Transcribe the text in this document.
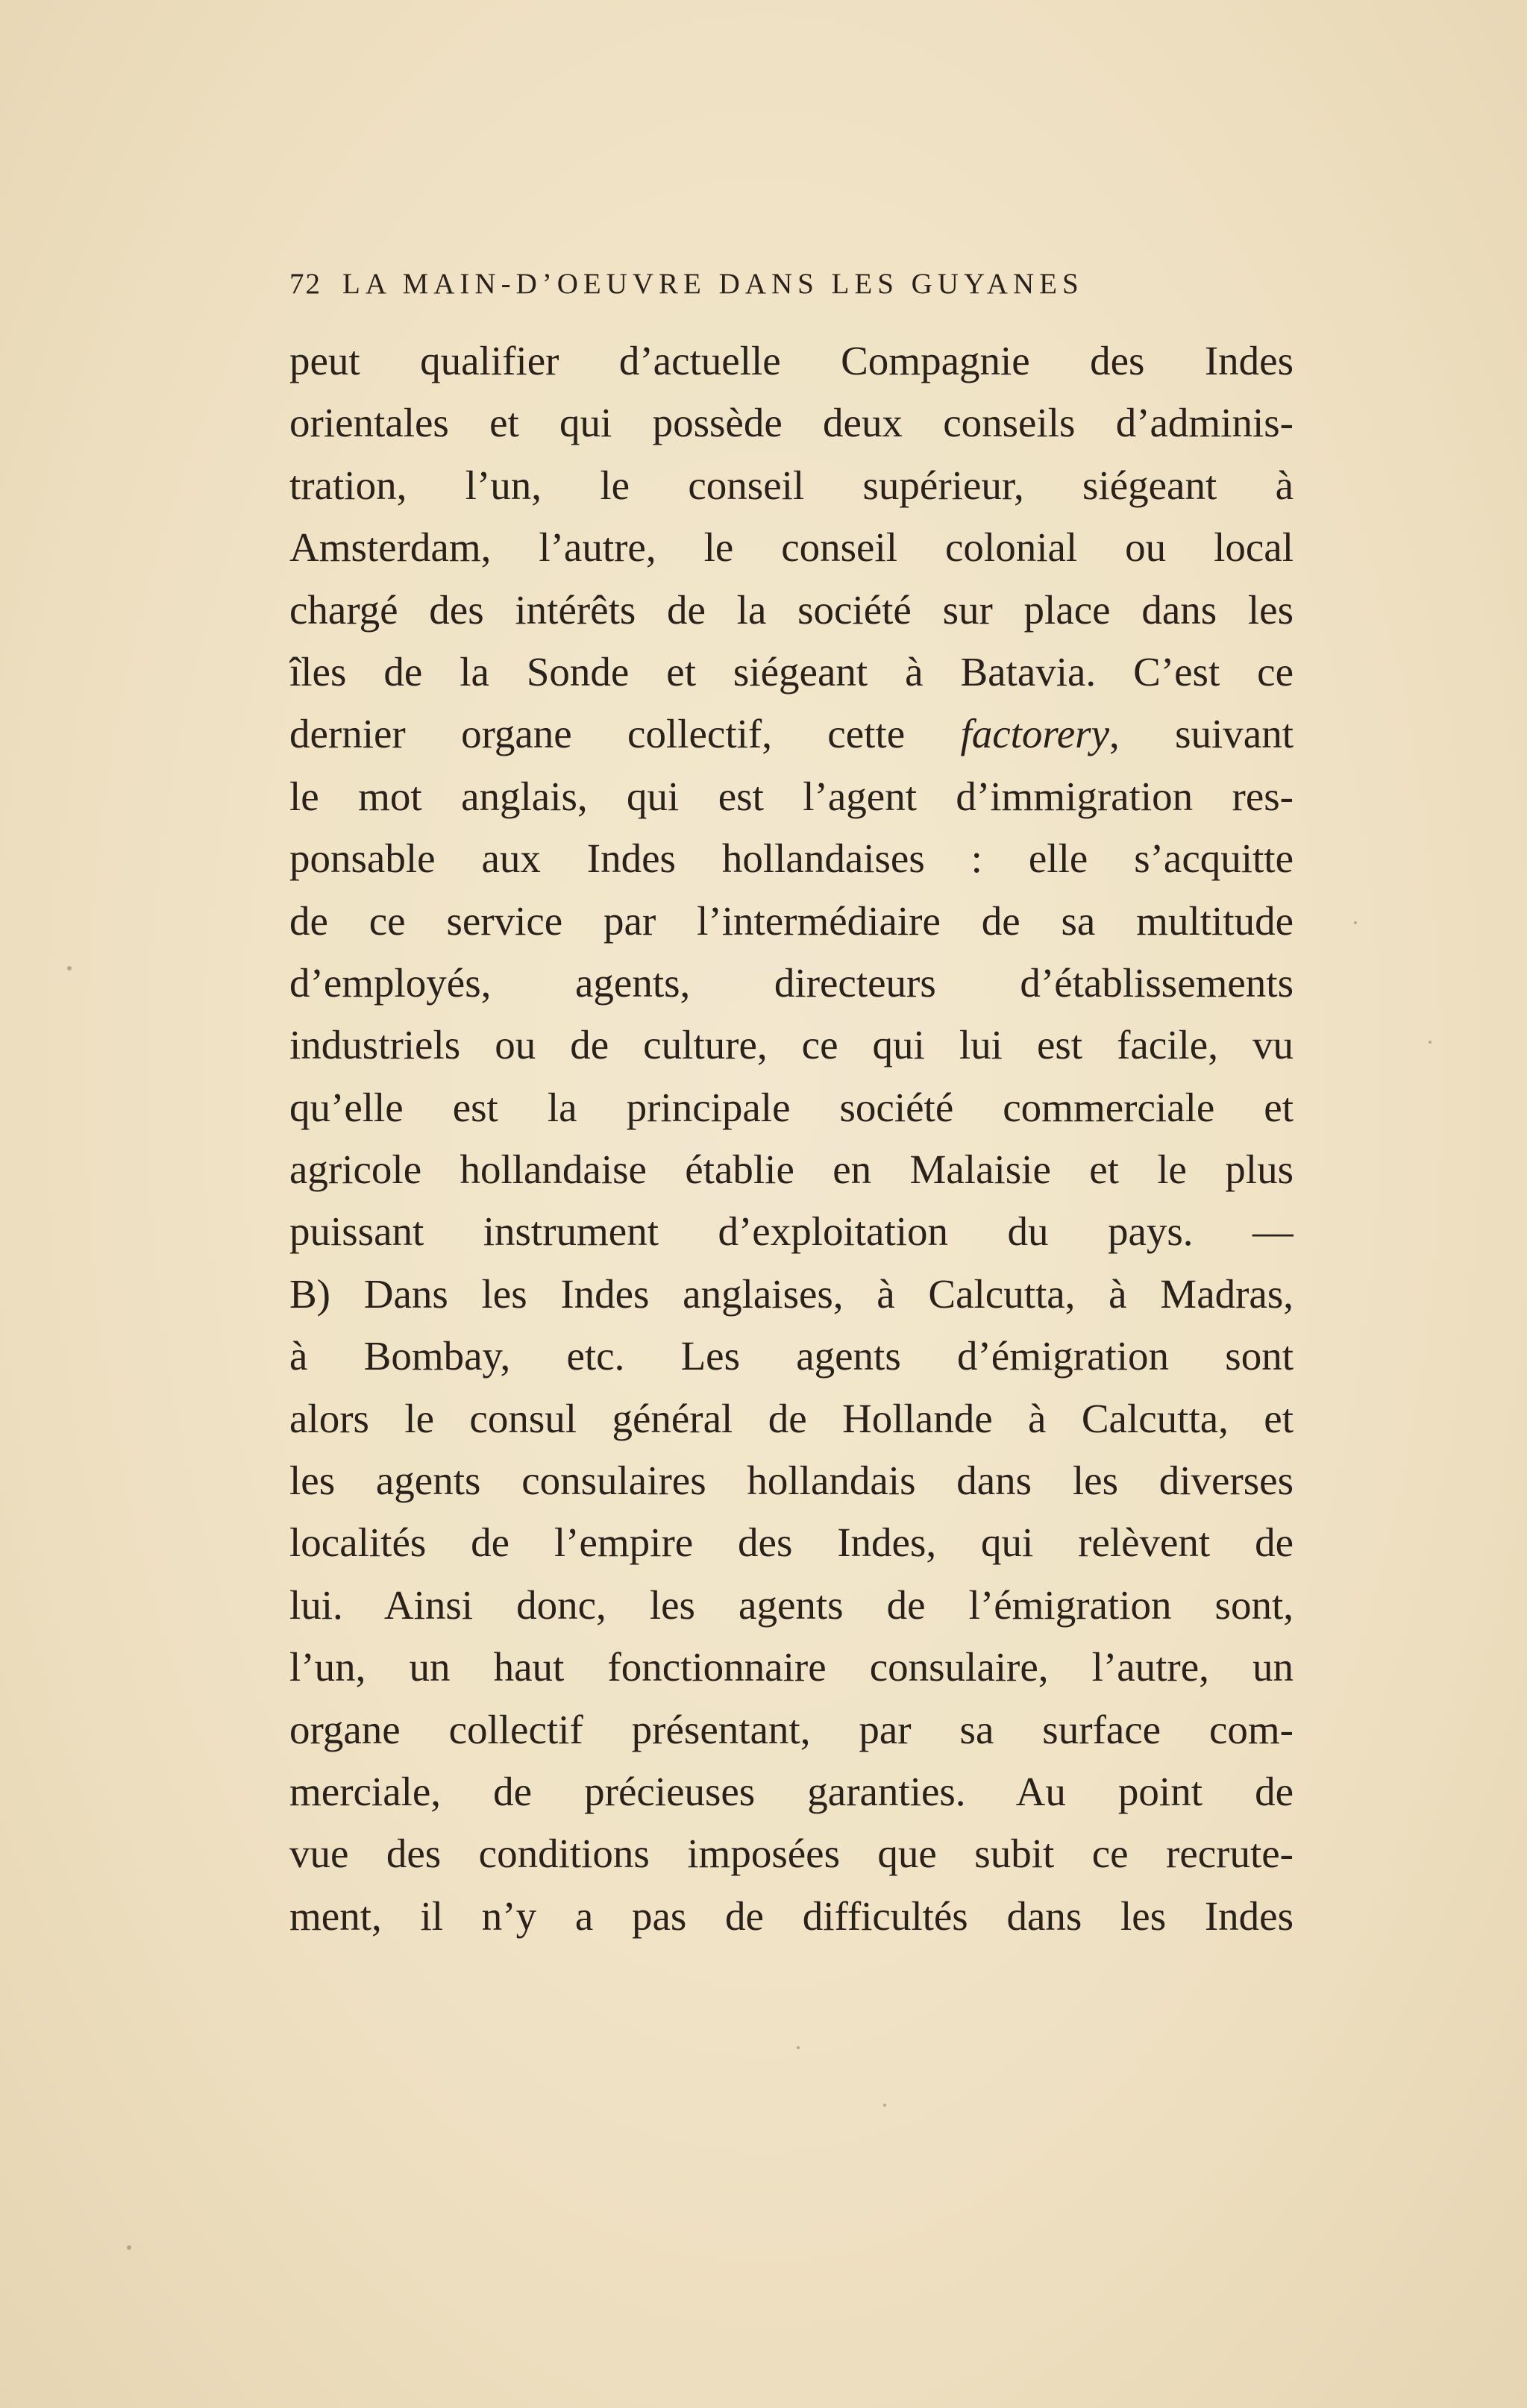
72 LA MAIN-D’OEUVRE DANS LES GUYANES
peut qualifier d’actuelle Compagnie des Indes
orientales et qui possède deux conseils d’adminis-
tration, l’un, le conseil supérieur, siégeant à
Amsterdam, l’autre, le conseil colonial ou local
chargé des intérêts de la société sur place dans les
îles de la Sonde et siégeant à Batavia. C’est ce
dernier organe collectif, cette factorery, suivant
le mot anglais, qui est l’agent d’immigration res-
ponsable aux Indes hollandaises : elle s’acquitte
de ce service par l’intermédiaire de sa multitude
d’employés, agents, directeurs d’établissements
industriels ou de culture, ce qui lui est facile, vu
qu’elle est la principale société commerciale et
agricole hollandaise établie en Malaisie et le plus
puissant instrument d’exploitation du pays. —
B) Dans les Indes anglaises, à Calcutta, à Madras,
à Bombay, etc. Les agents d’émigration sont
alors le consul général de Hollande à Calcutta, et
les agents consulaires hollandais dans les diverses
localités de l’empire des Indes, qui relèvent de
lui. Ainsi donc, les agents de l’émigration sont,
l’un, un haut fonctionnaire consulaire, l’autre, un
organe collectif présentant, par sa surface com-
merciale, de précieuses garanties. Au point de
vue des conditions imposées que subit ce recrute-
ment, il n’y a pas de difficultés dans les Indes
